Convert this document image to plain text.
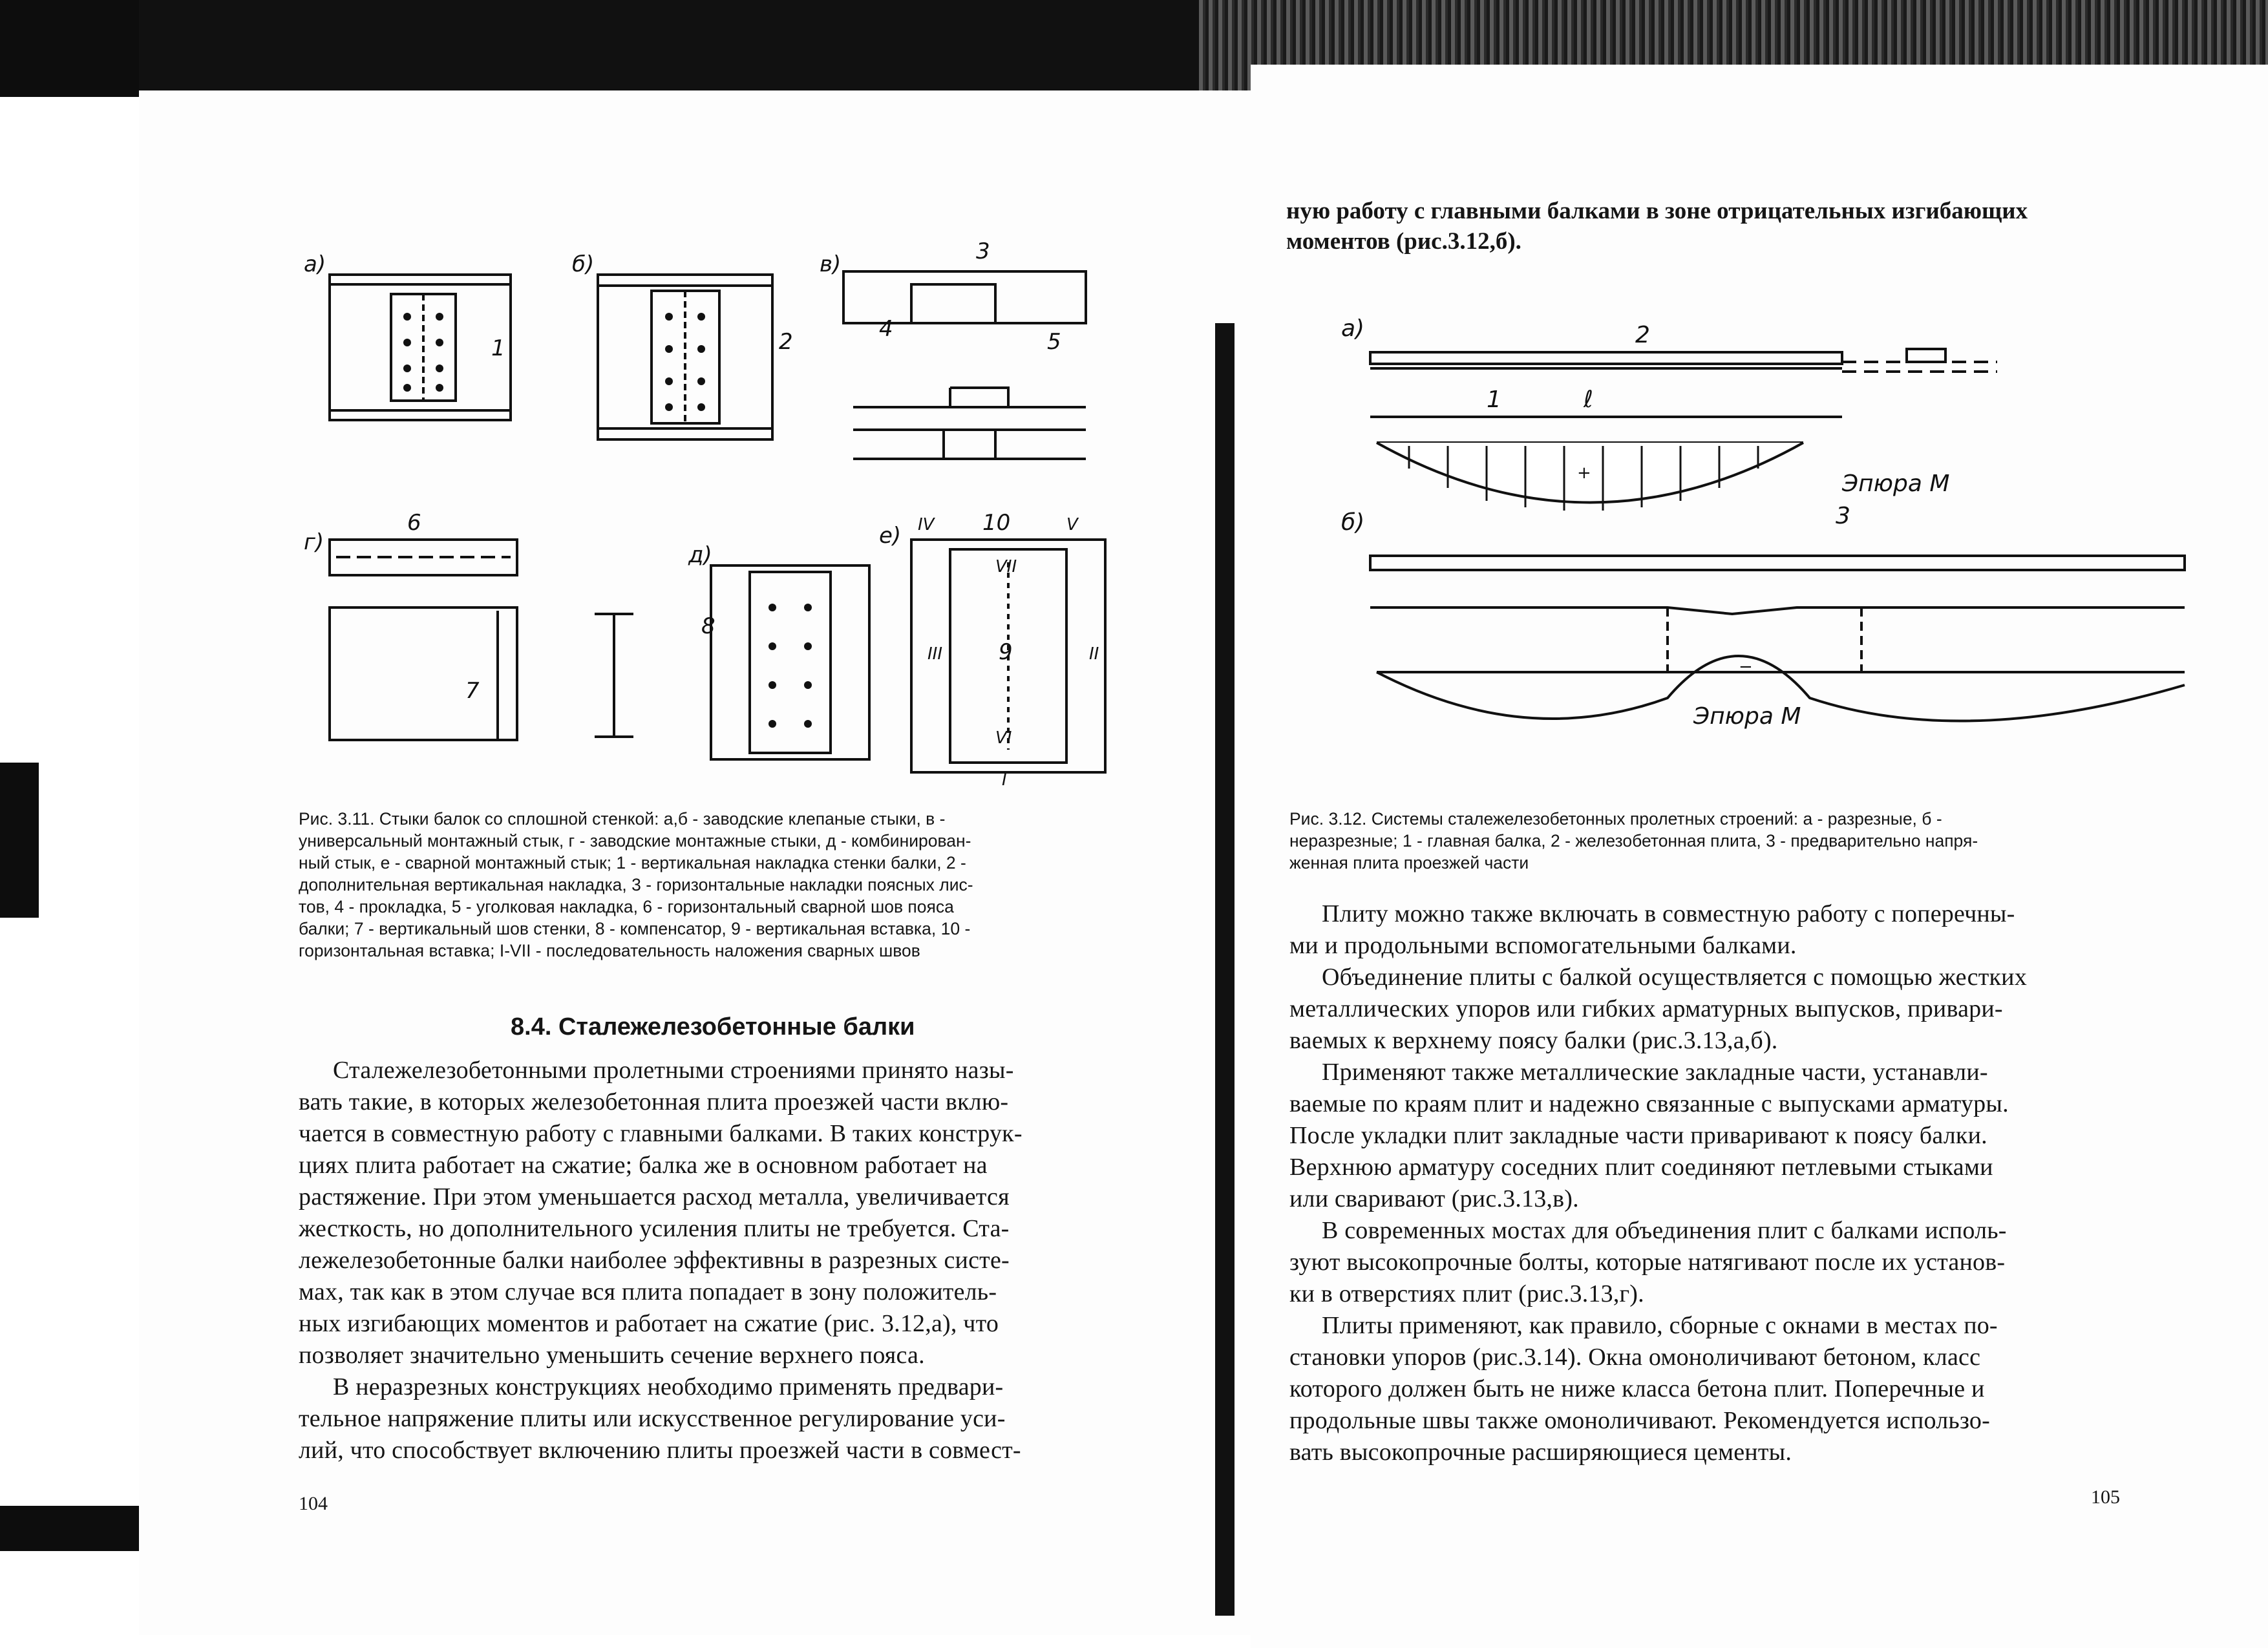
а)	б)	в)
г)	д)
е)
1	2
3
4	5
6
7
8
9
10
II
III
IV	V
VI
VII
I
Рис. 3.11. Стыки балок со сплошной стенкой: а,б - заводские клепаные стыки, в -
универсальный монтажный стык, г - заводские монтажные стыки, д - комбинирован-
ный стык, е - сварной монтажный стык; 1 - вертикальная накладка стенки балки, 2 -
дополнительная вертикальная накладка, 3 - горизонтальные накладки поясных лис-
тов, 4 - прокладка, 5 - уголковая накладка, 6 - горизонтальный сварной шов пояса
балки; 7 - вертикальный шов стенки, 8 - компенсатор, 9 - вертикальная вставка, 10 -
горизонтальная вставка; I-VII - последовательность наложения сварных швов
8.4. Сталежелезобетонные балки
Сталежелезобетонными пролетными строениями принято назы-
вать такие, в которых железобетонная плита проезжей части вклю-
чается в совместную работу с главными балками. В таких конструк-
циях плита работает на сжатие; балка же в основном работает на
растяжение. При этом уменьшается расход металла, увеличивается
жесткость, но дополнительного усиления плиты не требуется. Ста-
лежелезобетонные балки наиболее эффективны в разрезных систе-
мах, так как в этом случае вся плита попадает в зону положитель-
ных изгибающих моментов и работает на сжатие (рис. 3.12,а), что
позволяет значительно уменьшить сечение верхнего пояса.
В неразрезных конструкциях необходимо применять предвари-
тельное напряжение плиты или искусственное регулирование уси-
лий, что способствует включению плиты проезжей части в совмест-
104
ную работу с главными балками в зоне отрицательных изгибающих
моментов (рис.3.12,б).
а)
б)
ℓ
1
2
3
Эпюра М
Эпюра М
+
−
Рис. 3.12. Системы сталежелезобетонных пролетных строений: а - разрезные, б -
неразрезные; 1 - главная балка, 2 - железобетонная плита, 3 - предварительно напря-
женная плита проезжей части
Плиту можно также включать в совместную работу с поперечны-
ми и продольными вспомогательными балками.
Объединение плиты с балкой осуществляется с помощью жестких
металлических упоров или гибких арматурных выпусков, привари-
ваемых к верхнему поясу балки (рис.3.13,а,б).
Применяют также металлические закладные части, устанавли-
ваемые по краям плит и надежно связанные с выпусками арматуры.
После укладки плит закладные части приваривают к поясу балки.
Верхнюю арматуру соседних плит соединяют петлевыми стыками
или сваривают (рис.3.13,в).
В современных мостах для объединения плит с балками исполь-
зуют высокопрочные болты, которые натягивают после их установ-
ки в отверстиях плит (рис.3.13,г).
Плиты применяют, как правило, сборные с окнами в местах по-
становки упоров (рис.3.14). Окна омоноличивают бетоном, класс
которого должен быть не ниже класса бетона плит. Поперечные и
продольные швы также омоноличивают. Рекомендуется использо-
вать высокопрочные расширяющиеся цементы.
105
